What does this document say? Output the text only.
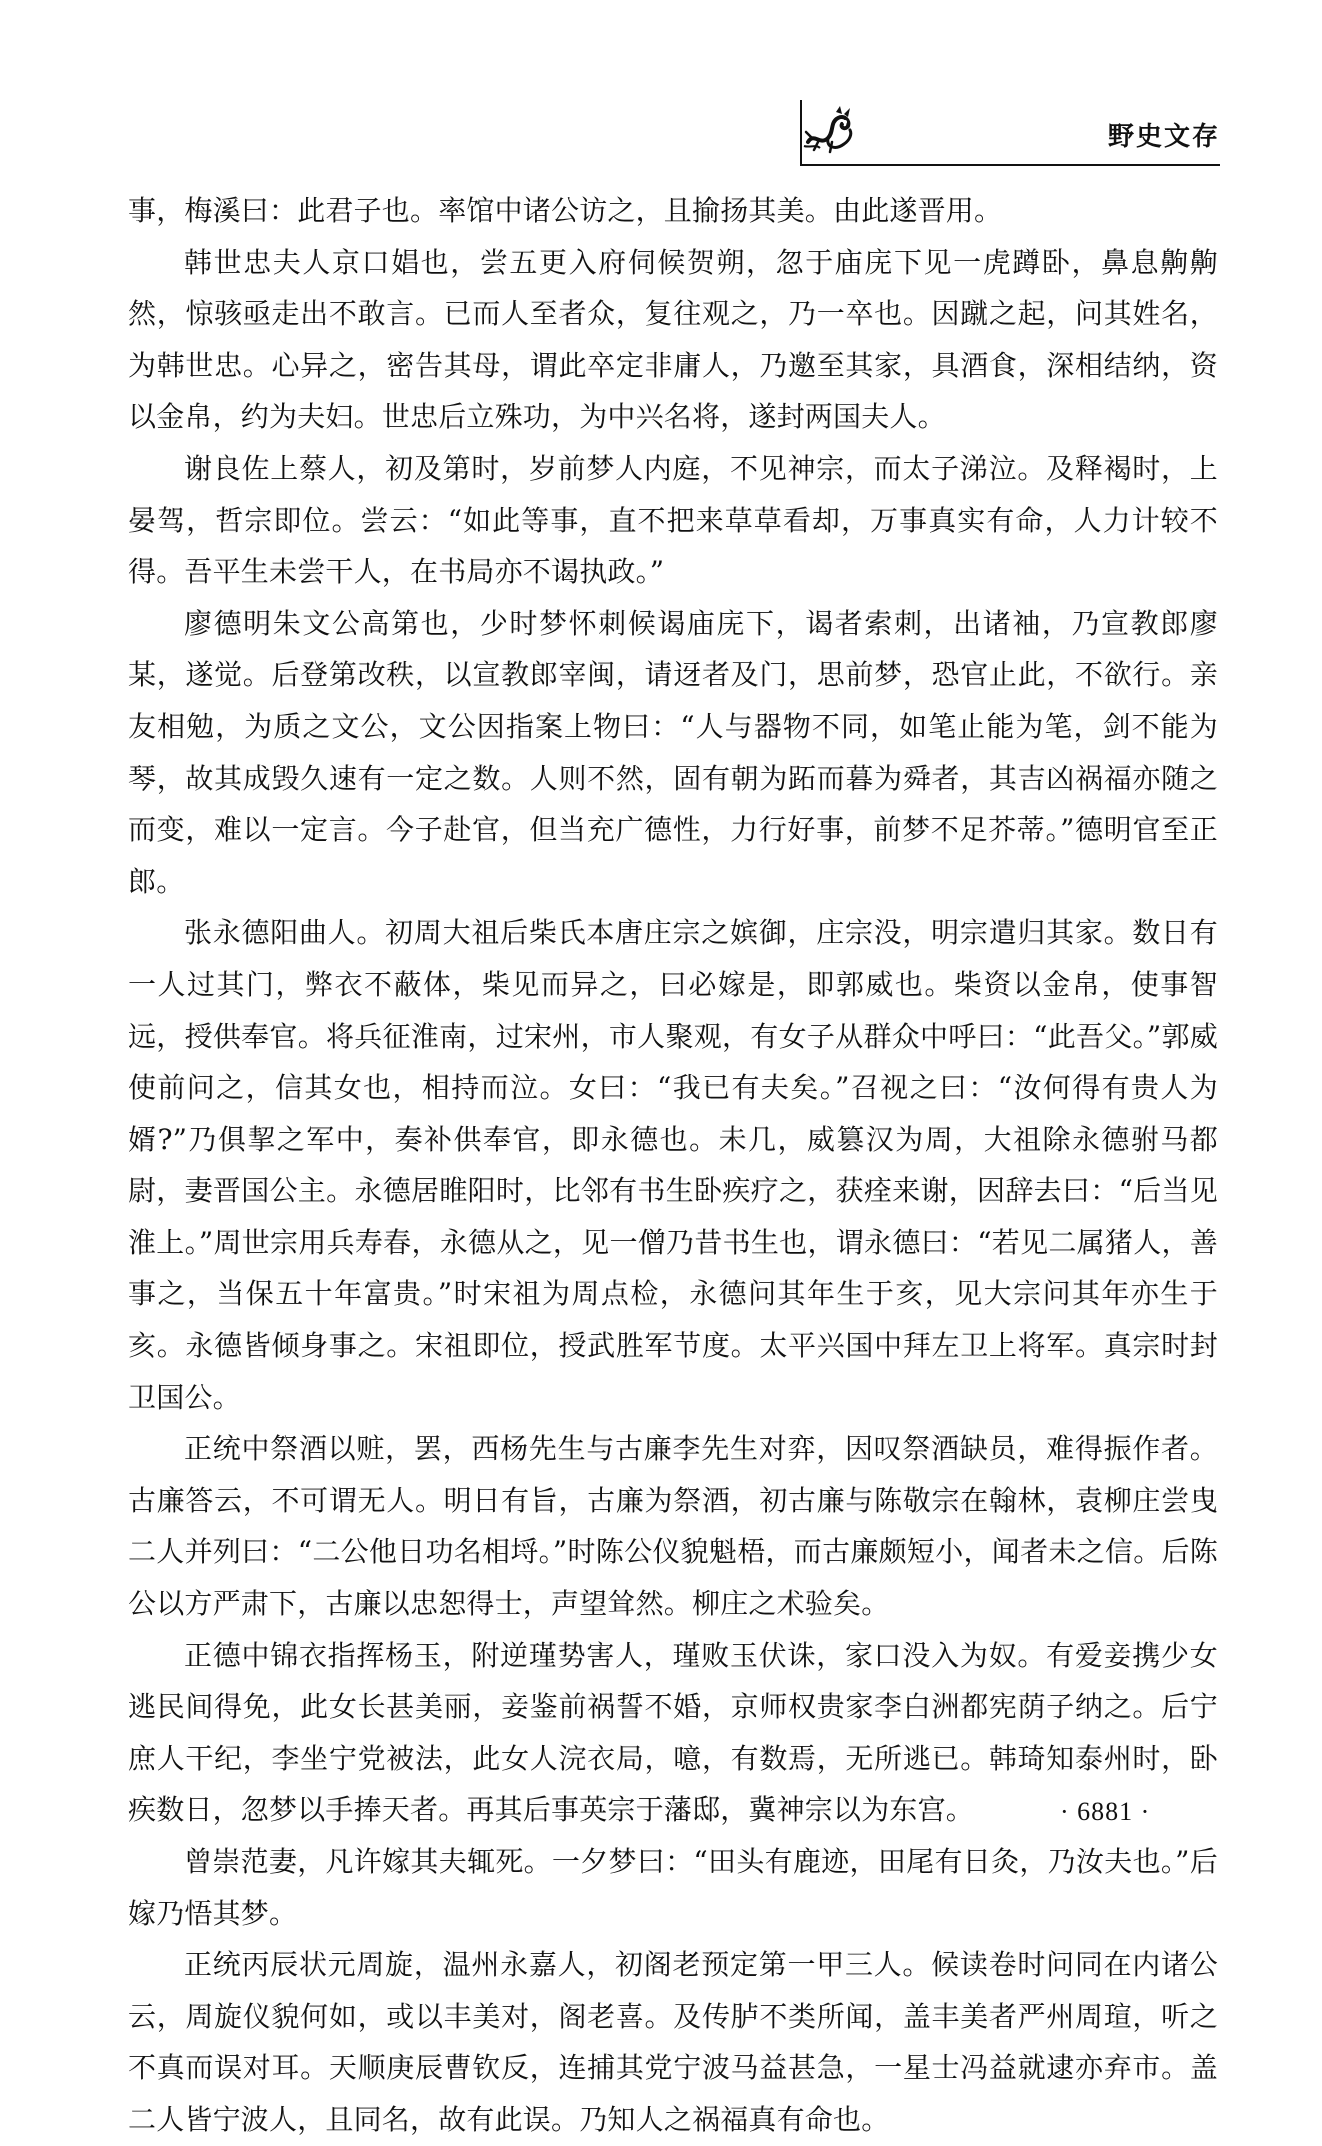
野史文存

事，梅溪曰：此君子也。率馆中诸公访之，且揄扬其美。由此遂晋用。

韩世忠夫人京口娼也，尝五更入府伺候贺朔，忽于庙庑下见一虎蹲卧，鼻息齁齁然，惊骇亟走出不敢言。已而人至者众，复往观之，乃一卒也。因蹴之起，问其姓名，为韩世忠。心异之，密告其母，谓此卒定非庸人，乃邀至其家，具酒食，深相结纳，资以金帛，约为夫妇。世忠后立殊功，为中兴名将，遂封两国夫人。

谢良佐上蔡人，初及第时，岁前梦人内庭，不见神宗，而太子涕泣。及释褐时，上晏驾，哲宗即位。尝云：“如此等事，直不把来草草看却，万事真实有命，人力计较不得。吾平生未尝干人，在书局亦不谒执政。”

廖德明朱文公高第也，少时梦怀刺候谒庙庑下，谒者索刺，出诸袖，乃宣教郎廖某，遂觉。后登第改秩，以宣教郎宰闽，请迓者及门，思前梦，恐官止此，不欲行。亲友相勉，为质之文公，文公因指案上物曰：“人与器物不同，如笔止能为笔，剑不能为琴，故其成毁久速有一定之数。人则不然，固有朝为跖而暮为舜者，其吉凶祸福亦随之而变，难以一定言。今子赴官，但当充广德性，力行好事，前梦不足芥蒂。”德明官至正郎。

张永德阳曲人。初周大祖后柴氏本唐庄宗之嫔御，庄宗没，明宗遣归其家。数日有一人过其门，弊衣不蔽体，柴见而异之，曰必嫁是，即郭威也。柴资以金帛，使事智远，授供奉官。将兵征淮南，过宋州，市人聚观，有女子从群众中呼曰：“此吾父。”郭威使前问之，信其女也，相持而泣。女曰：“我已有夫矣。”召视之曰：“汝何得有贵人为婿?”乃俱挈之军中，奏补供奉官，即永德也。未几，威篡汉为周，大祖除永德驸马都尉，妻晋国公主。永德居睢阳时，比邻有书生卧疾疗之，获痊来谢，因辞去曰：“后当见淮上。”周世宗用兵寿春，永德从之，见一僧乃昔书生也，谓永德曰：“若见二属猪人，善事之，当保五十年富贵。”时宋祖为周点检，永德问其年生于亥，见大宗问其年亦生于亥。永德皆倾身事之。宋祖即位，授武胜军节度。太平兴国中拜左卫上将军。真宗时封卫国公。

正统中祭酒以赃，罢，西杨先生与古廉李先生对弈，因叹祭酒缺员，难得振作者。古廉答云，不可谓无人。明日有旨，古廉为祭酒，初古廉与陈敬宗在翰林，袁柳庄尝曳二人并列曰：“二公他日功名相埒。”时陈公仪貌魁梧，而古廉颇短小，闻者未之信。后陈公以方严肃下，古廉以忠恕得士，声望耸然。柳庄之术验矣。

正德中锦衣指挥杨玉，附逆瑾势害人，瑾败玉伏诛，家口没入为奴。有爱妾携少女逃民间得免，此女长甚美丽，妾鉴前祸誓不婚，京师权贵家李白洲都宪荫子纳之。后宁庶人干纪，李坐宁党被法，此女人浣衣局，噫，有数焉，无所逃已。韩琦知泰州时，卧疾数日，忽梦以手捧天者。再其后事英宗于藩邸，冀神宗以为东宫。

曾崇范妻，凡许嫁其夫辄死。一夕梦曰：“田头有鹿迹，田尾有日灸，乃汝夫也。”后嫁乃悟其梦。

正统丙辰状元周旋，温州永嘉人，初阁老预定第一甲三人。候读卷时问同在内诸公云，周旋仪貌何如，或以丰美对，阁老喜。及传胪不类所闻，盖丰美者严州周瑄，听之不真而误对耳。天顺庚辰曹钦反，连捕其党宁波马益甚急，一星士冯益就逮亦弃市。盖二人皆宁波人，且同名，故有此误。乃知人之祸福真有命也。

· 6881 ·
